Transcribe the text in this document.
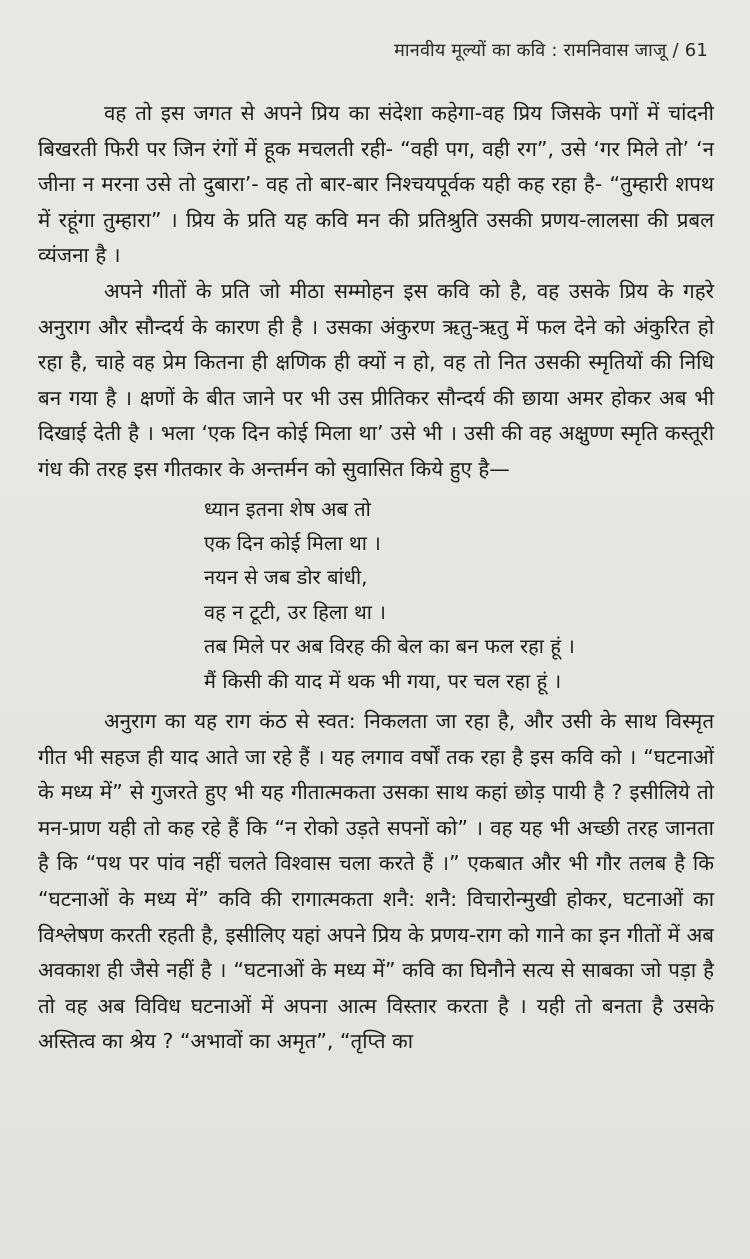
मानवीय मूल्यों का कवि : रामनिवास जाजू / 61

वह तो इस जगत से अपने प्रिय का संदेशा कहेगा-वह प्रिय जिसके पगों में चांदनी बिखरती फिरी पर जिन रंगों में हूक मचलती रही- “वही पग, वही रग”, उसे ‘गर मिले तो’ ‘न जीना न मरना उसे तो दुबारा’- वह तो बार-बार निश्चयपूर्वक यही कह रहा है- “तुम्हारी शपथ में रहूंगा तुम्हारा” । प्रिय के प्रति यह कवि मन की प्रतिश्रुति उसकी प्रणय-लालसा की प्रबल व्यंजना है ।

अपने गीतों के प्रति जो मीठा सम्मोहन इस कवि को है, वह उसके प्रिय के गहरे अनुराग और सौन्दर्य के कारण ही है । उसका अंकुरण ऋतु-ऋतु में फल देने को अंकुरित हो रहा है, चाहे वह प्रेम कितना ही क्षणिक ही क्यों न हो, वह तो नित उसकी स्मृतियों की निधि बन गया है । क्षणों के बीत जाने पर भी उस प्रीतिकर सौन्दर्य की छाया अमर होकर अब भी दिखाई देती है । भला ‘एक दिन कोई मिला था’ उसे भी । उसी की वह अक्षुण्ण स्मृति कस्तूरी गंध की तरह इस गीतकार के अन्तर्मन को सुवासित किये हुए है—

ध्यान इतना शेष अब तो
एक दिन कोई मिला था ।
नयन से जब डोर बांधी,
वह न टूटी, उर हिला था ।
तब मिले पर अब विरह की बेल का बन फल रहा हूं ।
मैं किसी की याद में थक भी गया, पर चल रहा हूं ।

अनुराग का यह राग कंठ से स्वत: निकलता जा रहा है, और उसी के साथ विस्मृत गीत भी सहज ही याद आते जा रहे हैं । यह लगाव वर्षों तक रहा है इस कवि को । “घटनाओं के मध्य में” से गुजरते हुए भी यह गीतात्मकता उसका साथ कहां छोड़ पायी है ? इसीलिये तो मन-प्राण यही तो कह रहे हैं कि “न रोको उड़ते सपनों को” । वह यह भी अच्छी तरह जानता है कि “पथ पर पांव नहीं चलते विश्वास चला करते हैं ।” एकबात और भी गौर तलब है कि “घटनाओं के मध्य में” कवि की रागात्मकता शनै: शनै: विचारोन्मुखी होकर, घटनाओं का विश्लेषण करती रहती है, इसीलिए यहां अपने प्रिय के प्रणय-राग को गाने का इन गीतों में अब अवकाश ही जैसे नहीं है । “घटनाओं के मध्य में” कवि का घिनौने सत्य से साबका जो पड़ा है तो वह अब विविध घटनाओं में अपना आत्म विस्तार करता है । यही तो बनता है उसके अस्तित्व का श्रेय ? “अभावों का अमृत”, “तृप्ति का
